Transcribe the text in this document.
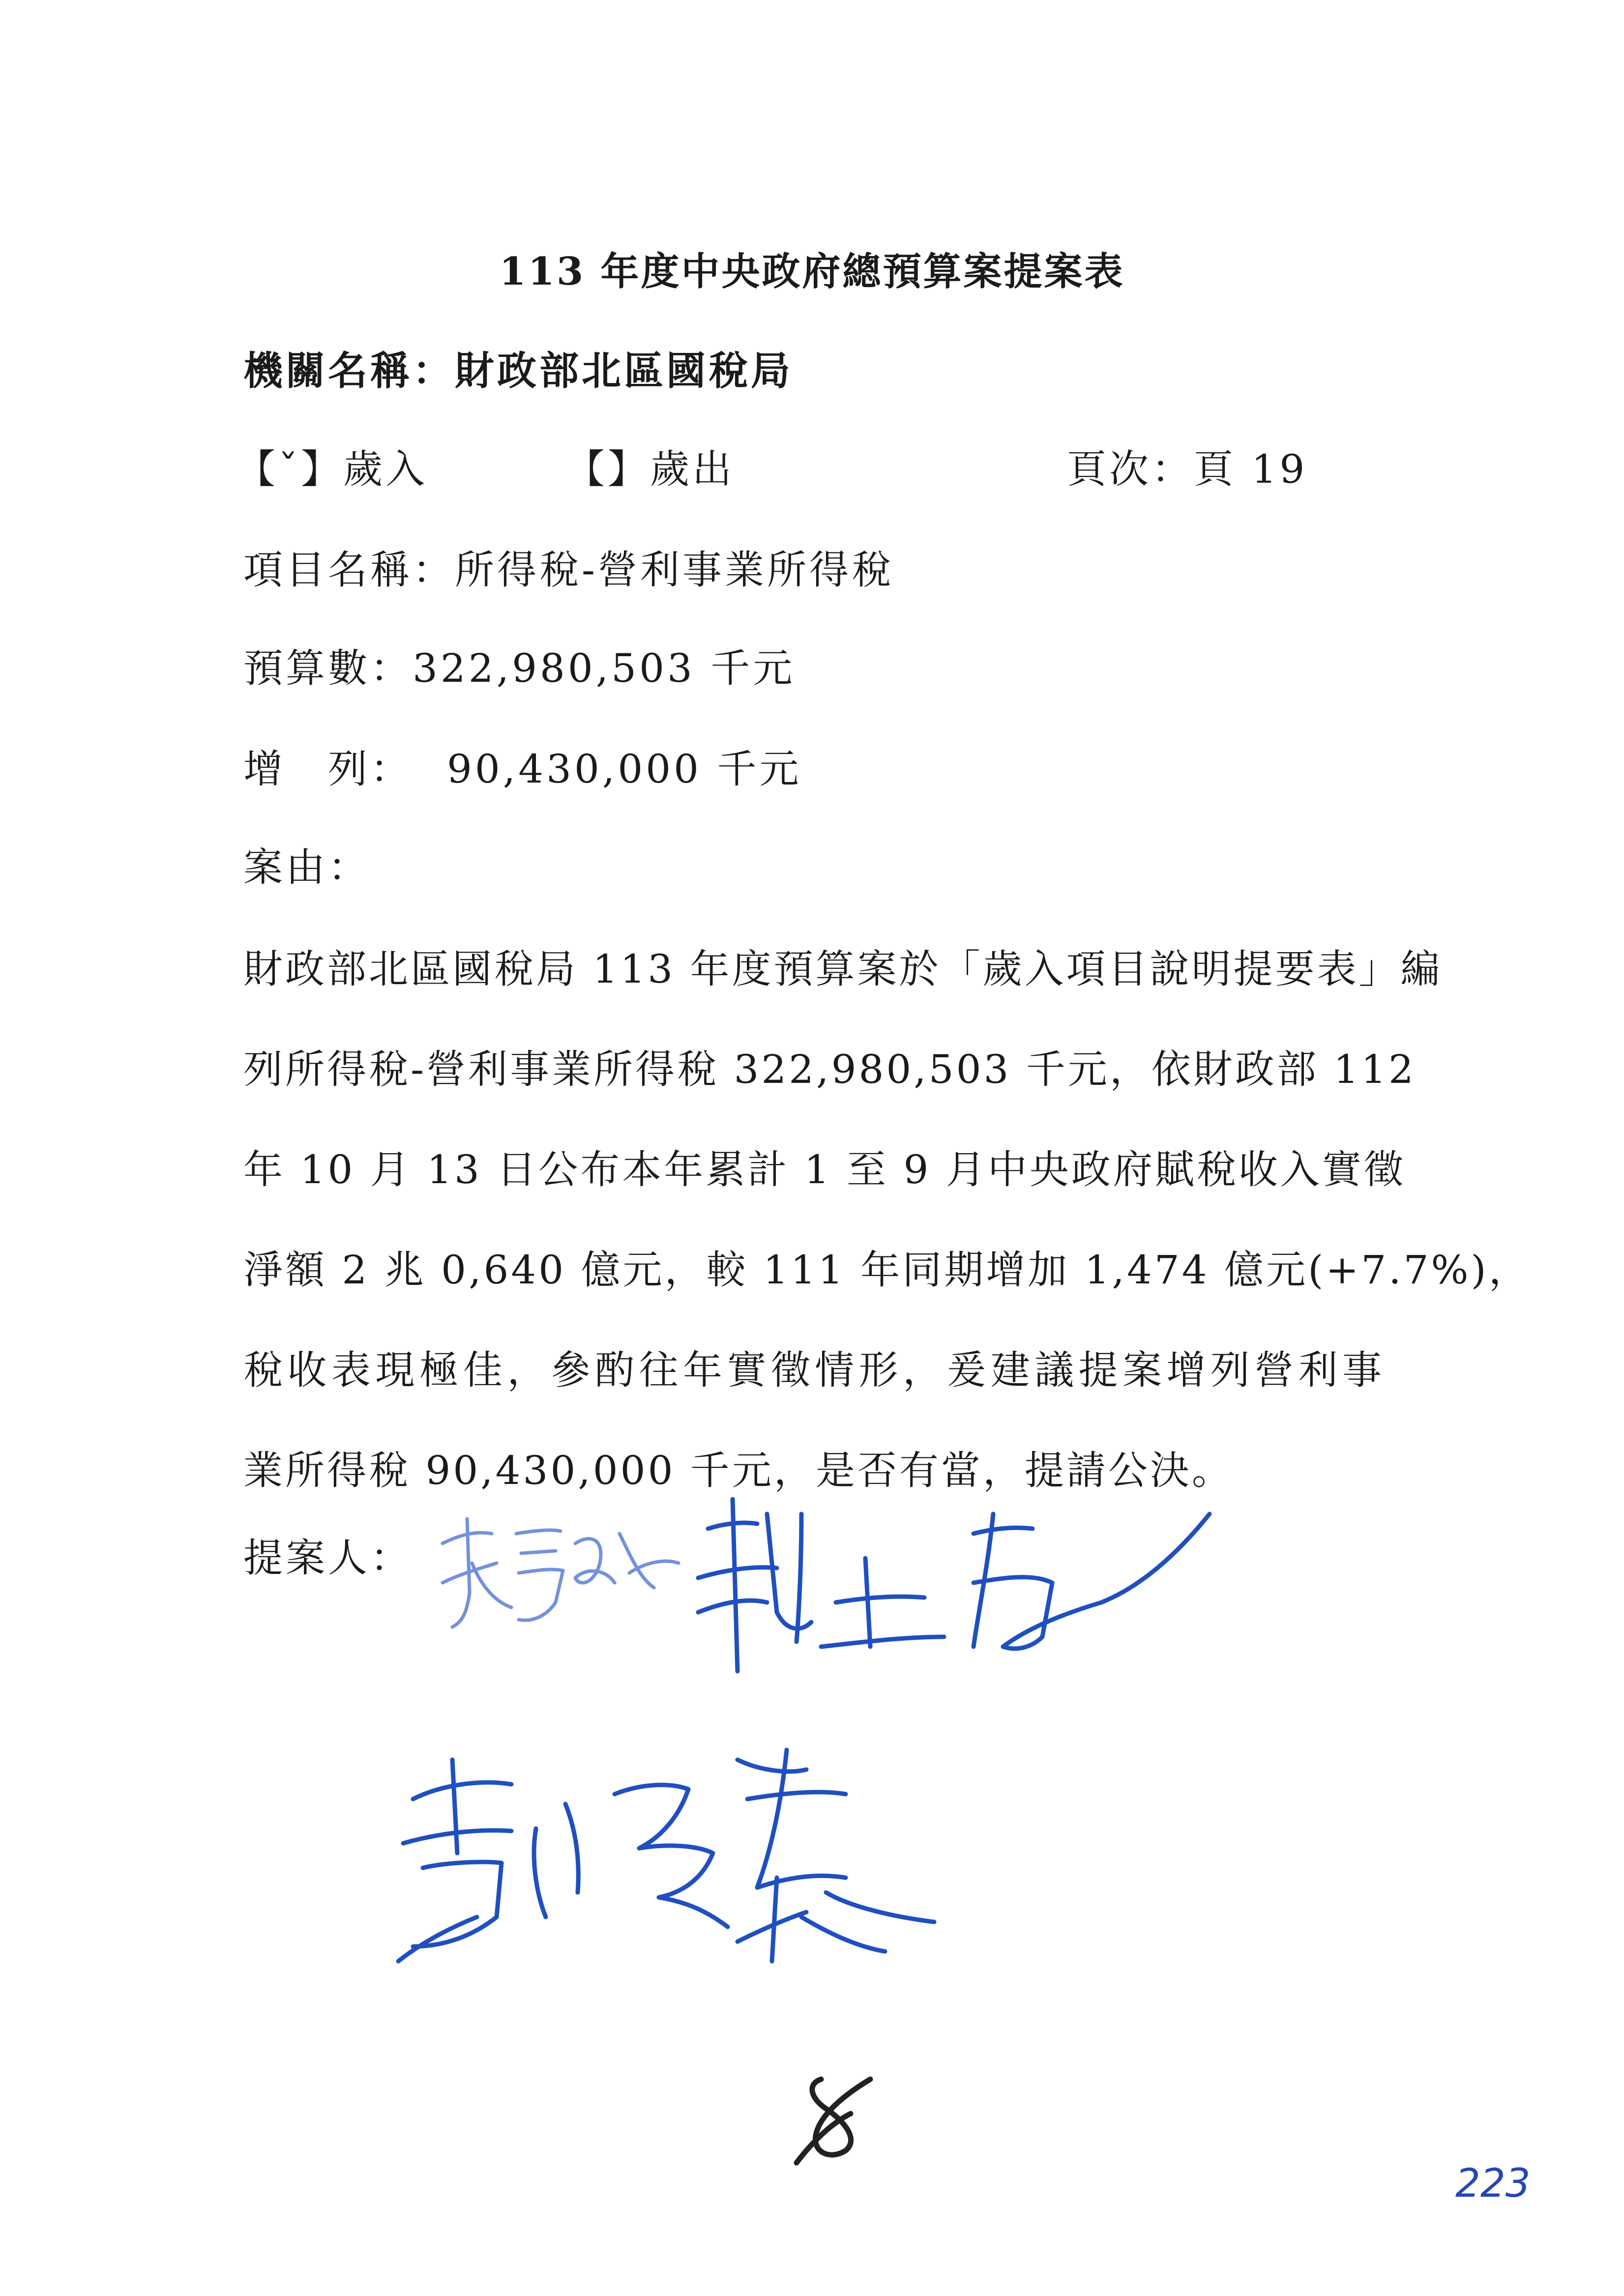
113 年度中央政府總預算案提案表
機關名稱：財政部北區國稅局
【ˇ】歲入	【】歲出	頁次：頁 19
項目名稱：所得稅-營利事業所得稅
預算數：322,980,503 千元
增　列： 90,430,000 千元
案由：
財政部北區國稅局 113 年度預算案於「歲入項目說明提要表」編
列所得稅-營利事業所得稅 322,980,503 千元，依財政部 112
年 10 月 13 日公布本年累計 1 至 9 月中央政府賦稅收入實徵
淨額 2 兆 0,640 億元，較 111 年同期增加 1,474 億元(+7.7%)，
稅收表現極佳，參酌往年實徵情形，爰建議提案增列營利事
業所得稅 90,430,000 千元，是否有當，提請公決。
提案人：
8
223
